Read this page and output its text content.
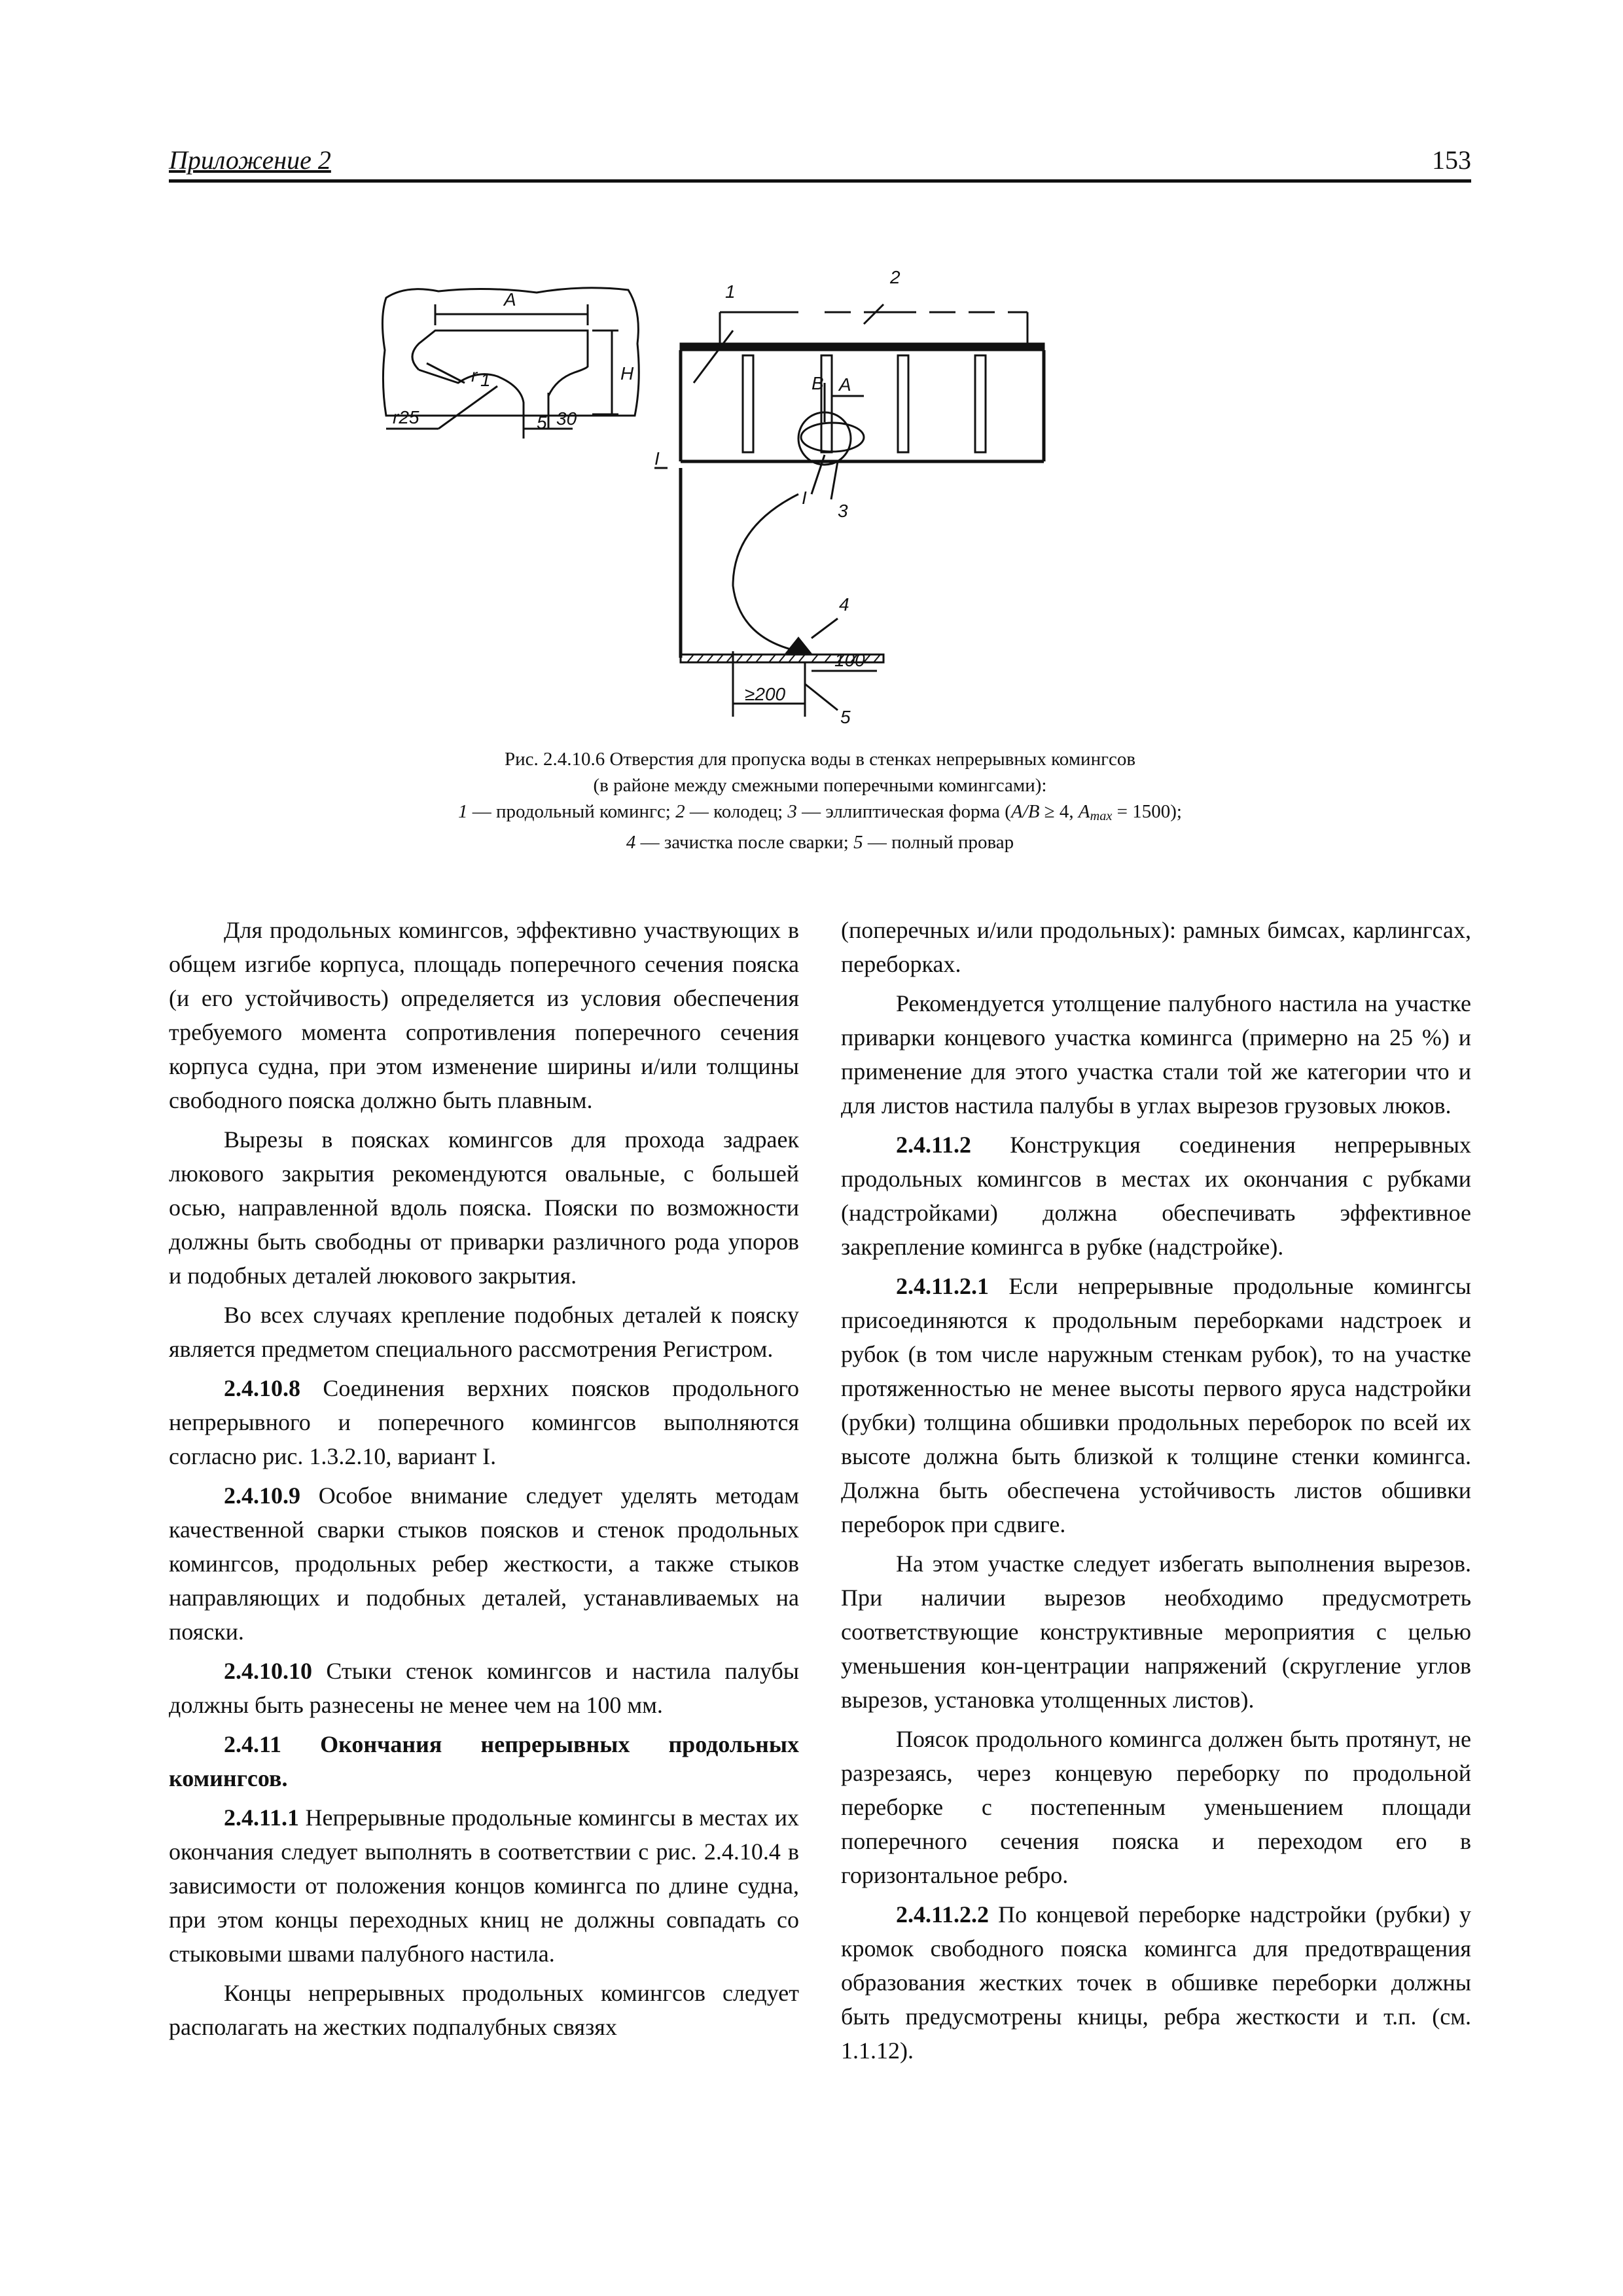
Приложение 2	153
A
r 1	H
r25	5 30
I
I
1
2
3
4
5
B A
100
≥200
Рис. 2.4.10.6 Отверстия для пропуска воды в стенках непрерывных комингсов
(в районе между смежными поперечными комингсами):
1 — продольный комингс; 2 — колодец; 3 — эллиптическая форма (A/B ≥ 4, $A_{max} = 1500$);
4 — зачистка после сварки; 5 — полный провар

Для продольных комингсов, эффективно участвующих в общем изгибе корпуса, площадь поперечного сечения пояска (и его устойчивость) определяется из условия обеспечения требуемого момента сопротивления поперечного сечения корпуса судна, при этом изменение ширины и/или толщины свободного пояска должно быть плавным.

Вырезы в поясках комингсов для прохода задраек люкового закрытия рекомендуются овальные, с большей осью, направленной вдоль пояска. Пояски по возможности должны быть свободны от приварки различного рода упоров и подобных деталей люкового закрытия.

Во всех случаях крепление подобных деталей к пояску является предметом специального рассмотрения Регистром.

2.4.10.8 Соединения верхних поясков продольного непрерывного и поперечного комингсов выполняются согласно рис. 1.3.2.10, вариант I.

2.4.10.9 Особое внимание следует уделять методам качественной сварки стыков поясков и стенок продольных комингсов, продольных ребер жесткости, а также стыков направляющих и подобных деталей, устанавливаемых на пояски.

2.4.10.10 Стыки стенок комингсов и настила палубы должны быть разнесены не менее чем на 100 мм.

2.4.11 Окончания непрерывных продольных комингсов.

2.4.11.1 Непрерывные продольные комингсы в местах их окончания следует выполнять в соответствии с рис. 2.4.10.4 в зависимости от положения концов комингса по длине судна, при этом концы переходных книц не должны совпадать со стыковыми швами палубного настила.

Концы непрерывных продольных комингсов следует располагать на жестких подпалубных связях

(поперечных и/или продольных): рамных бимсах, карлингсах, переборках.

Рекомендуется утолщение палубного настила на участке приварки концевого участка комингса (примерно на 25 %) и применение для этого участка стали той же категории что и для листов настила палубы в углах вырезов грузовых люков.

2.4.11.2 Конструкция соединения непрерывных продольных комингсов в местах их окончания с рубками (надстройками) должна обеспечивать эффективное закрепление комингса в рубке (надстройке).

2.4.11.2.1 Если непрерывные продольные комингсы присоединяются к продольным переборками надстроек и рубок (в том числе наружным стенкам рубок), то на участке протяженностью не менее высоты первого яруса надстройки (рубки) толщина обшивки продольных переборок по всей их высоте должна быть близкой к толщине стенки комингса. Должна быть обеспечена устойчивость листов обшивки переборок при сдвиге.

На этом участке следует избегать выполнения вырезов. При наличии вырезов необходимо предусмотреть соответствующие конструктивные мероприятия с целью уменьшения кон-центрации напряжений (скругление углов вырезов, установка утолщенных листов).

Поясок продольного комингса должен быть протянут, не разрезаясь, через концевую переборку по продольной переборке с постепенным уменьшением площади поперечного сечения пояска и переходом его в горизонтальное ребро.

2.4.11.2.2 По концевой переборке надстройки (рубки) у кромок свободного пояска комингса для предотвращения образования жестких точек в обшивке переборки должны быть предусмотрены кницы, ребра жесткости и т.п. (см. 1.1.12).
